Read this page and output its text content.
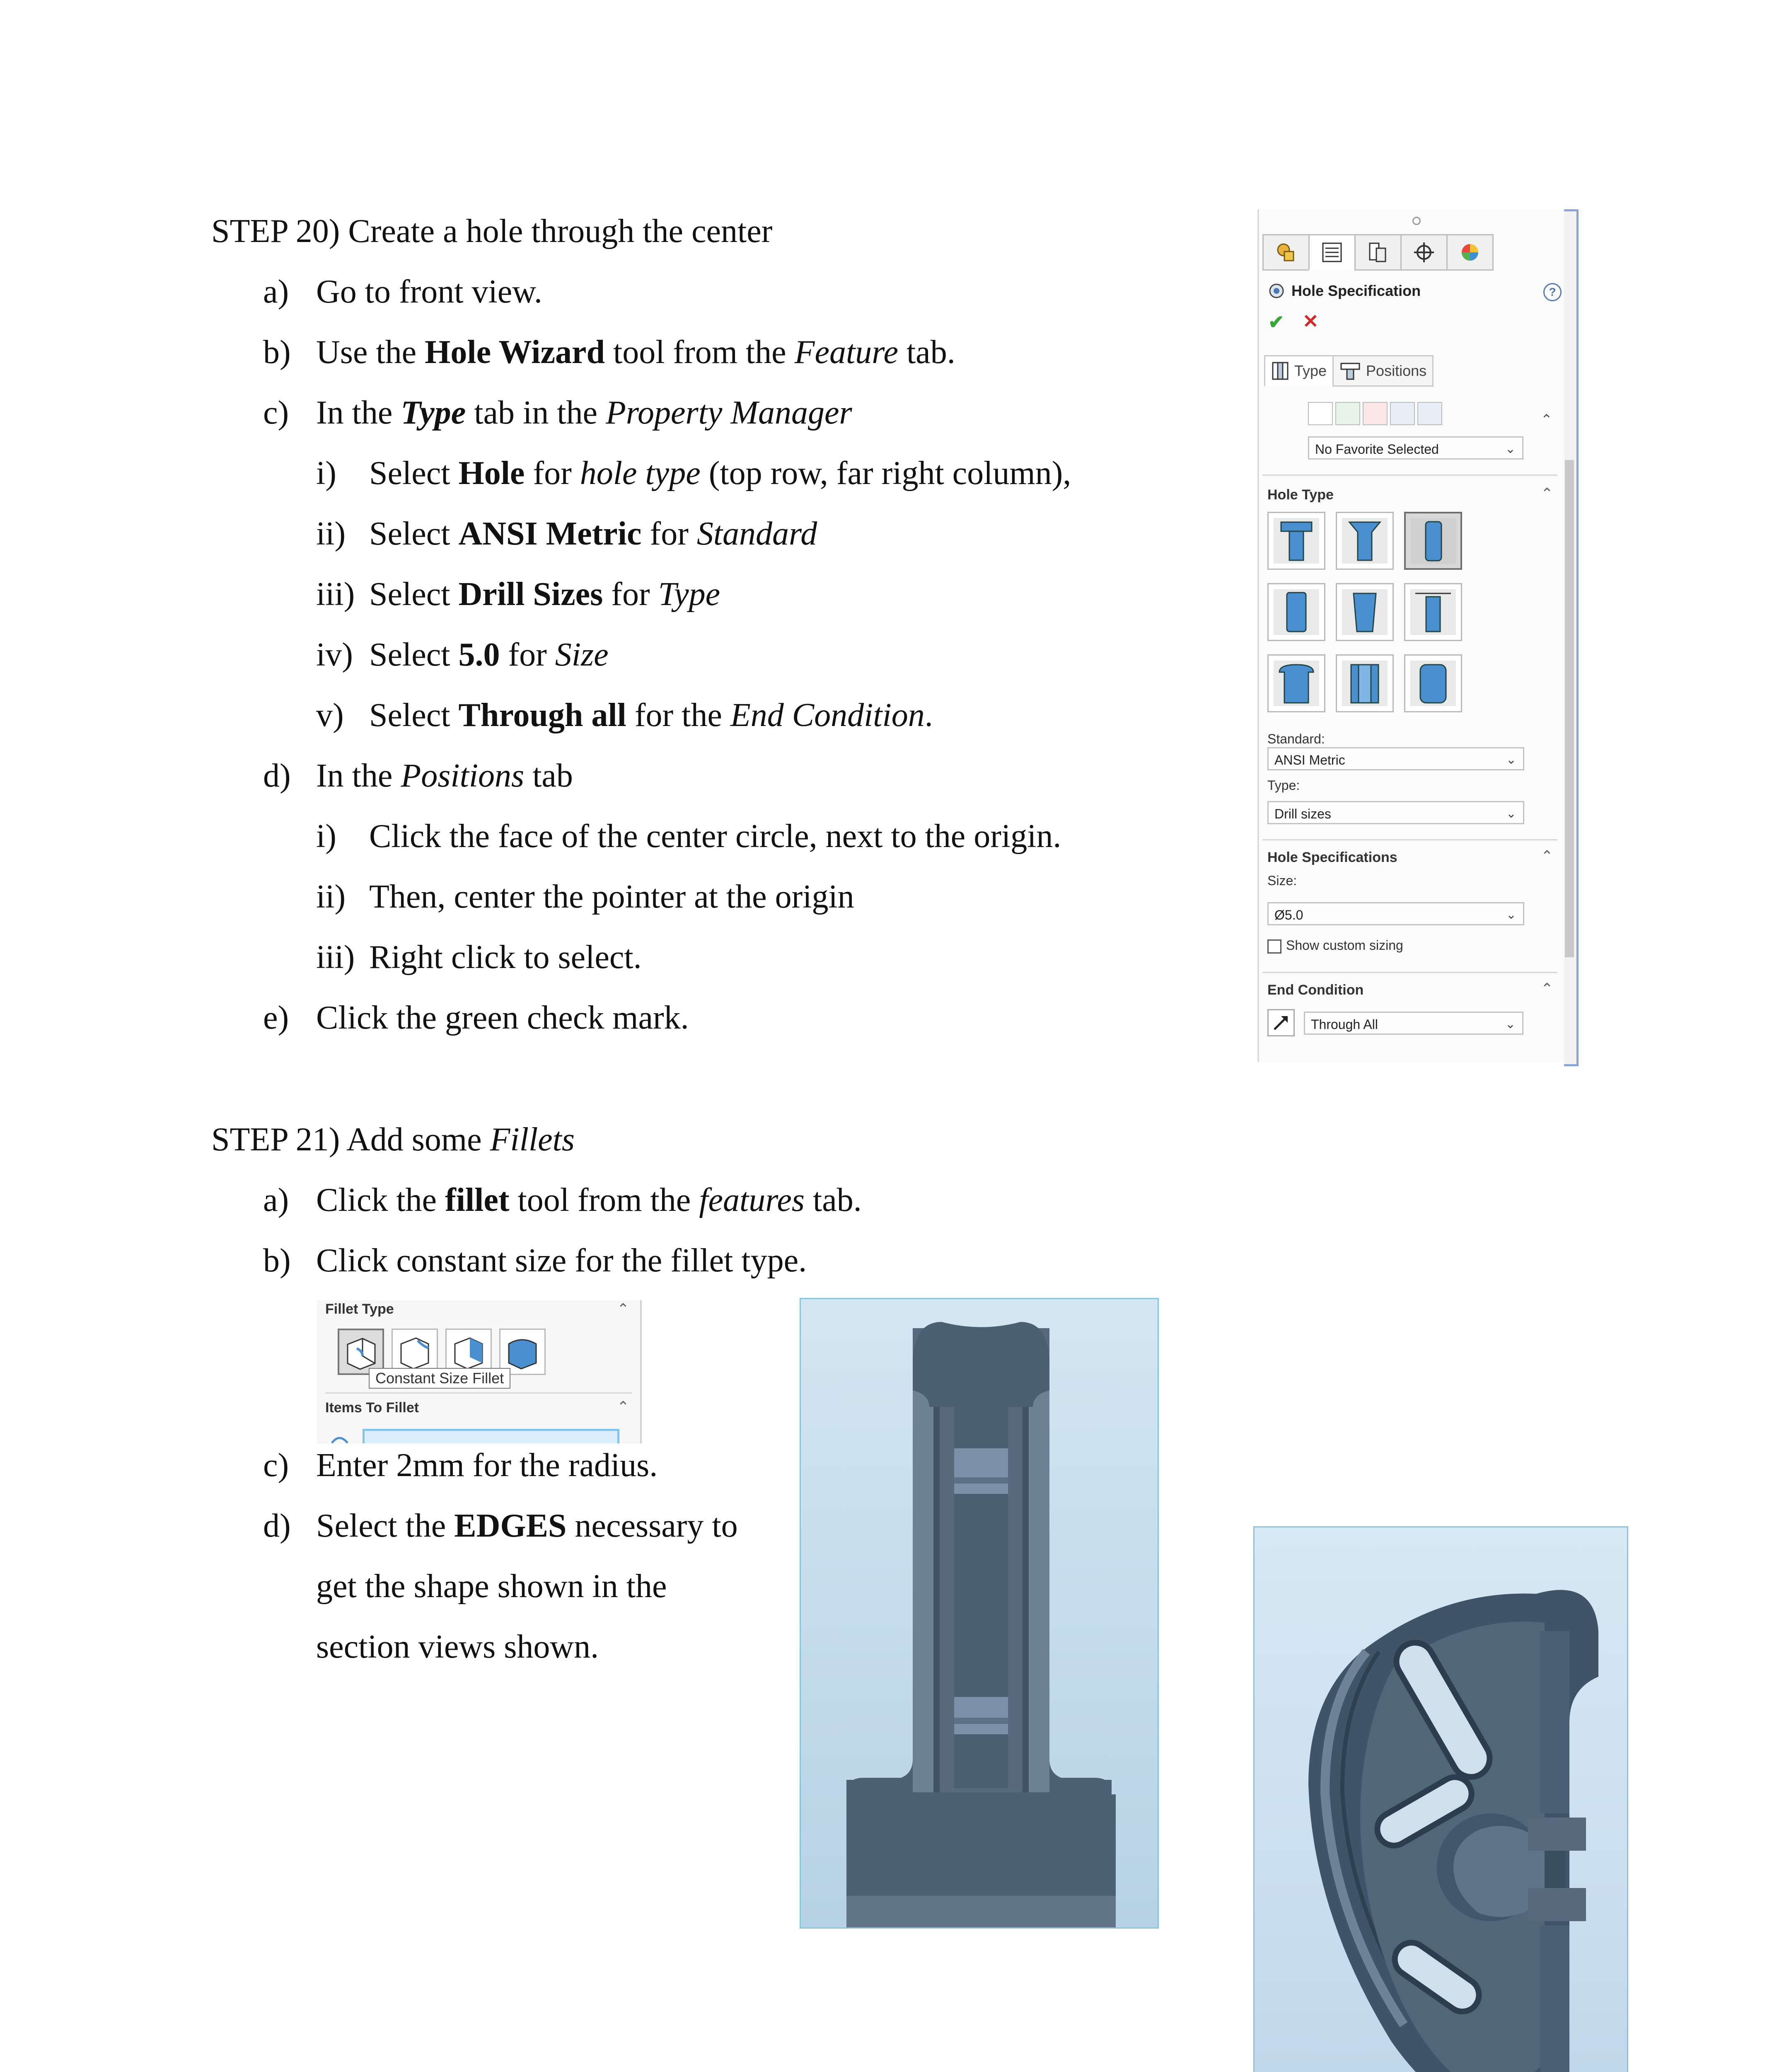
STEP 20) Create a hole through the center
a) Go to front view.
b) Use the Hole Wizard tool from the Feature tab.
c) In the Type tab in the Property Manager
i) Select Hole for hole type (top row, far right column),
ii) Select ANSI Metric for Standard
iii) Select Drill Sizes for Type
iv) Select 5.0 for Size
v) Select Through all for the End Condition.
d) In the Positions tab
i) Click the face of the center circle, next to the origin.
ii) Then, center the pointer at the origin
iii) Right click to select.
e) Click the green check mark.
Hole Specification	?
✔ ✕
Type	Positions
⌃
No Favorite Selected	⌄
Hole Type	⌃
Standard:
ANSI Metric	⌄
Type:
Drill sizes	⌄
Hole Specifications	⌃
Size:
Ø5.0	⌄
Show custom sizing
End Condition	⌃
Through All	⌄
STEP 21) Add some Fillets
a) Click the fillet tool from the features tab.
b) Click constant size for the fillet type.
Fillet Type	⌃
Constant Size Fillet
Items To Fillet	⌃
c) Enter 2mm for the radius.
d) Select the EDGES necessary to
get the shape shown in the
section views shown.
